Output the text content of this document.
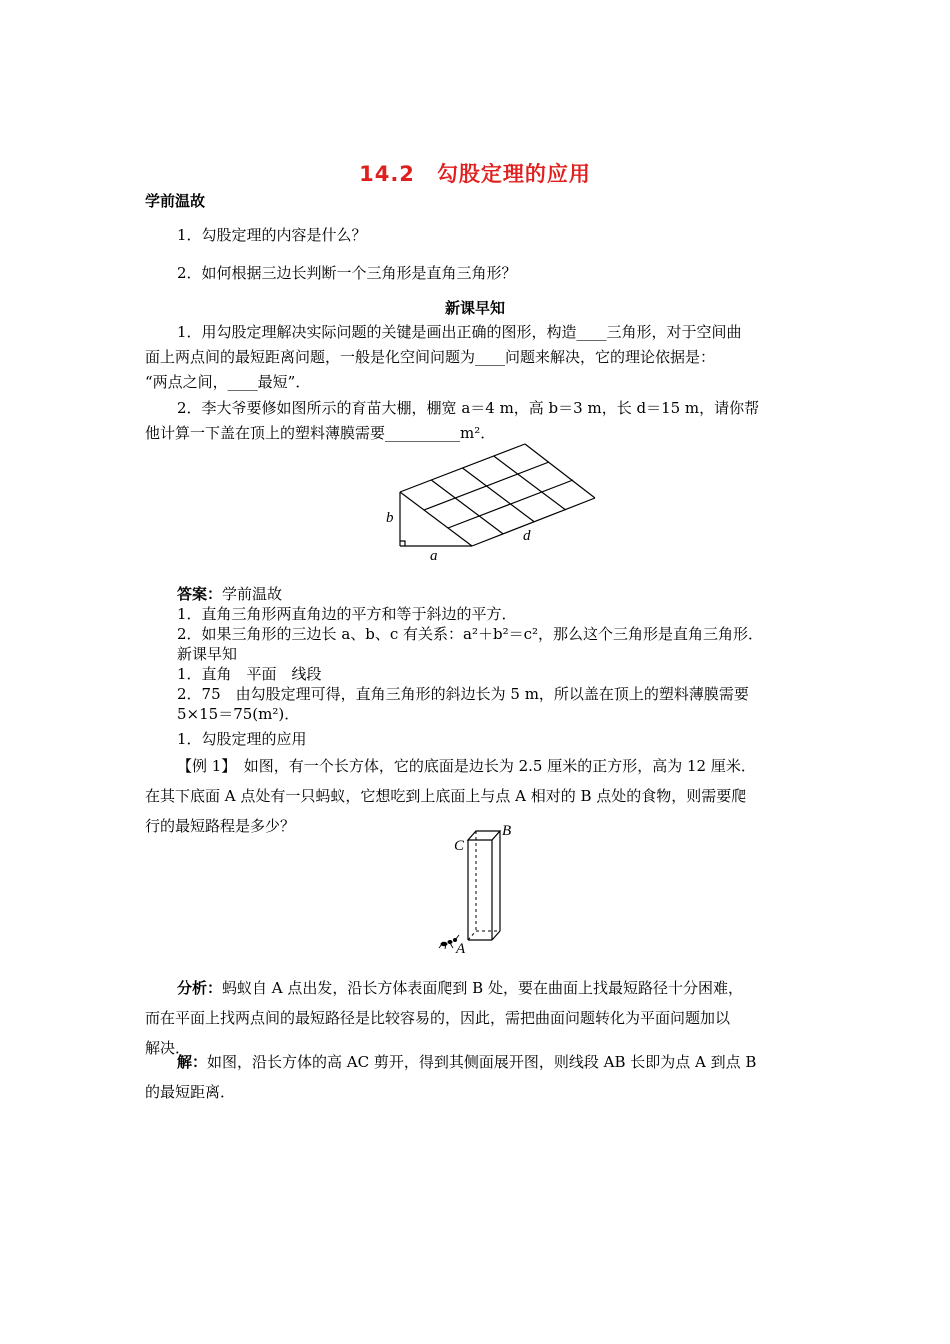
14.2　勾股定理的应用
学前温故
1．勾股定理的内容是什么？
2．如何根据三边长判断一个三角形是直角三角形？
新课早知
1．用勾股定理解决实际问题的关键是画出正确的图形，构造____三角形，对于空间曲
面上两点间的最短距离问题，一般是化空间问题为____问题来解决，它的理论依据是：
“两点之间，____最短”．
2．李大爷要修如图所示的育苗大棚，棚宽 a＝4 m，高 b＝3 m，长 d＝15 m，请你帮
他计算一下盖在顶上的塑料薄膜需要__________m²．
b
a
d
答案：学前温故
1．直角三角形两直角边的平方和等于斜边的平方．
2．如果三角形的三边长 a、b、c 有关系：a²＋b²＝c²，那么这个三角形是直角三角形．
新课早知
1．直角　平面　线段
2．75　由勾股定理可得，直角三角形的斜边长为 5 m，所以盖在顶上的塑料薄膜需要
5×15＝75(m²)．
1．勾股定理的应用
【例 1】　如图，有一个长方体，它的底面是边长为 2.5 厘米的正方形，高为 12 厘米．
在其下底面 A 点处有一只蚂蚁，它想吃到上底面上与点 A 相对的 B 点处的食物，则需要爬
行的最短路程是多少？	B
C
A
分析：蚂蚁自 A 点出发，沿长方体表面爬到 B 处，要在曲面上找最短路径十分困难，
而在平面上找两点间的最短路径是比较容易的，因此，需把曲面问题转化为平面问题加以
解决．
解：如图，沿长方体的高 AC 剪开，得到其侧面展开图，则线段 AB 长即为点 A 到点 B
的最短距离．
